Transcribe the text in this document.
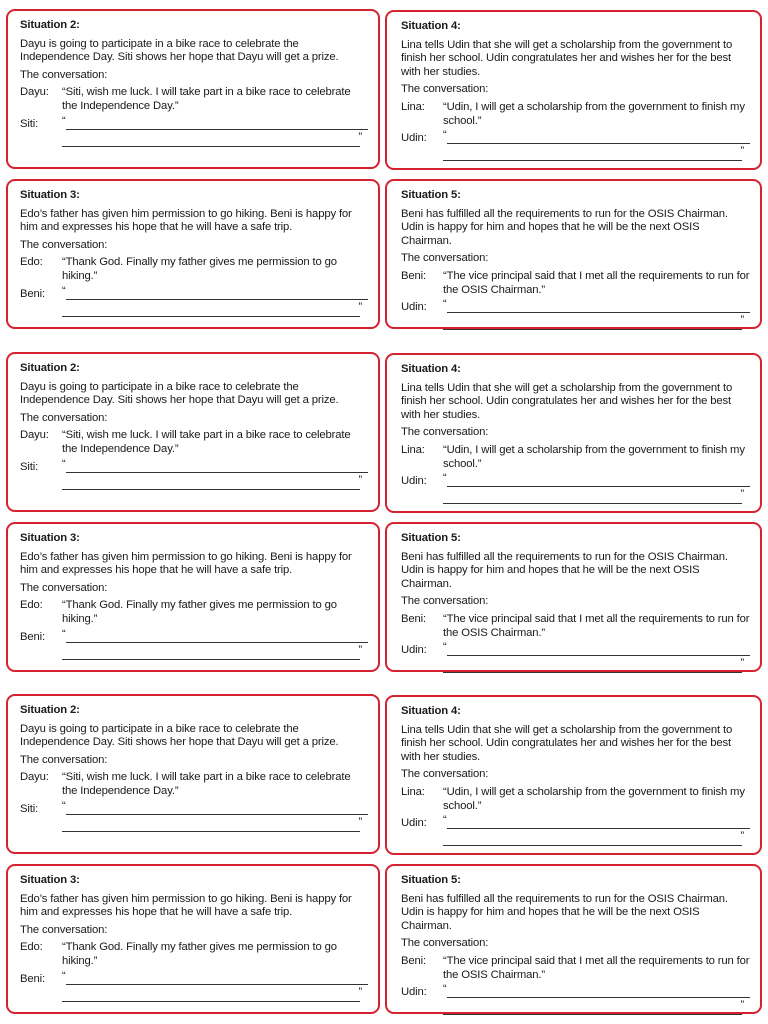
Situation 2:
Dayu is going to participate in a bike race to celebrate the Independence Day. Siti shows her hope that Dayu will get a prize.
The conversation:
Dayu:	“Siti, wish me luck. I will take part in a bike race to celebrate the Independence Day.”
Siti:	“
”
Situation 3:
Edo’s father has given him permission to go hiking. Beni is happy for him and expresses his hope that he will have a safe trip.
The conversation:
Edo:	“Thank God. Finally my father gives me permission to go hiking.”
Beni:	“
”
Situation 4:
Lina tells Udin that she will get a scholarship from the government to finish her school. Udin congratulates her and wishes her for the best with her studies.
The conversation:
Lina:	“Udin, I will get a scholarship from the government to finish my school.”
Udin:	“
”
Situation 5:
Beni has fulfilled all the requirements to run for the OSIS Chairman. Udin is happy for him and hopes that he will be the next OSIS Chairman.
The conversation:
Beni:	“The vice principal said that I met all the requirements to run for the OSIS Chairman.”
Udin:	“
”
Situation 2:
Dayu is going to participate in a bike race to celebrate the Independence Day. Siti shows her hope that Dayu will get a prize.
The conversation:
Dayu:	“Siti, wish me luck. I will take part in a bike race to celebrate the Independence Day.”
Siti:	“
”
Situation 3:
Edo’s father has given him permission to go hiking. Beni is happy for him and expresses his hope that he will have a safe trip.
The conversation:
Edo:	“Thank God. Finally my father gives me permission to go hiking.”
Beni:	“
”
Situation 4:
Lina tells Udin that she will get a scholarship from the government to finish her school. Udin congratulates her and wishes her for the best with her studies.
The conversation:
Lina:	“Udin, I will get a scholarship from the government to finish my school.”
Udin:	“
”
Situation 5:
Beni has fulfilled all the requirements to run for the OSIS Chairman. Udin is happy for him and hopes that he will be the next OSIS Chairman.
The conversation:
Beni:	“The vice principal said that I met all the requirements to run for the OSIS Chairman.”
Udin:	“
”
Situation 2:
Dayu is going to participate in a bike race to celebrate the Independence Day. Siti shows her hope that Dayu will get a prize.
The conversation:
Dayu:	“Siti, wish me luck. I will take part in a bike race to celebrate the Independence Day.”
Siti:	“
”
Situation 3:
Edo’s father has given him permission to go hiking. Beni is happy for him and expresses his hope that he will have a safe trip.
The conversation:
Edo:	“Thank God. Finally my father gives me permission to go hiking.”
Beni:	“
”
Situation 4:
Lina tells Udin that she will get a scholarship from the government to finish her school. Udin congratulates her and wishes her for the best with her studies.
The conversation:
Lina:	“Udin, I will get a scholarship from the government to finish my school.”
Udin:	“
”
Situation 5:
Beni has fulfilled all the requirements to run for the OSIS Chairman. Udin is happy for him and hopes that he will be the next OSIS Chairman.
The conversation:
Beni:	“The vice principal said that I met all the requirements to run for the OSIS Chairman.”
Udin:	“
”
